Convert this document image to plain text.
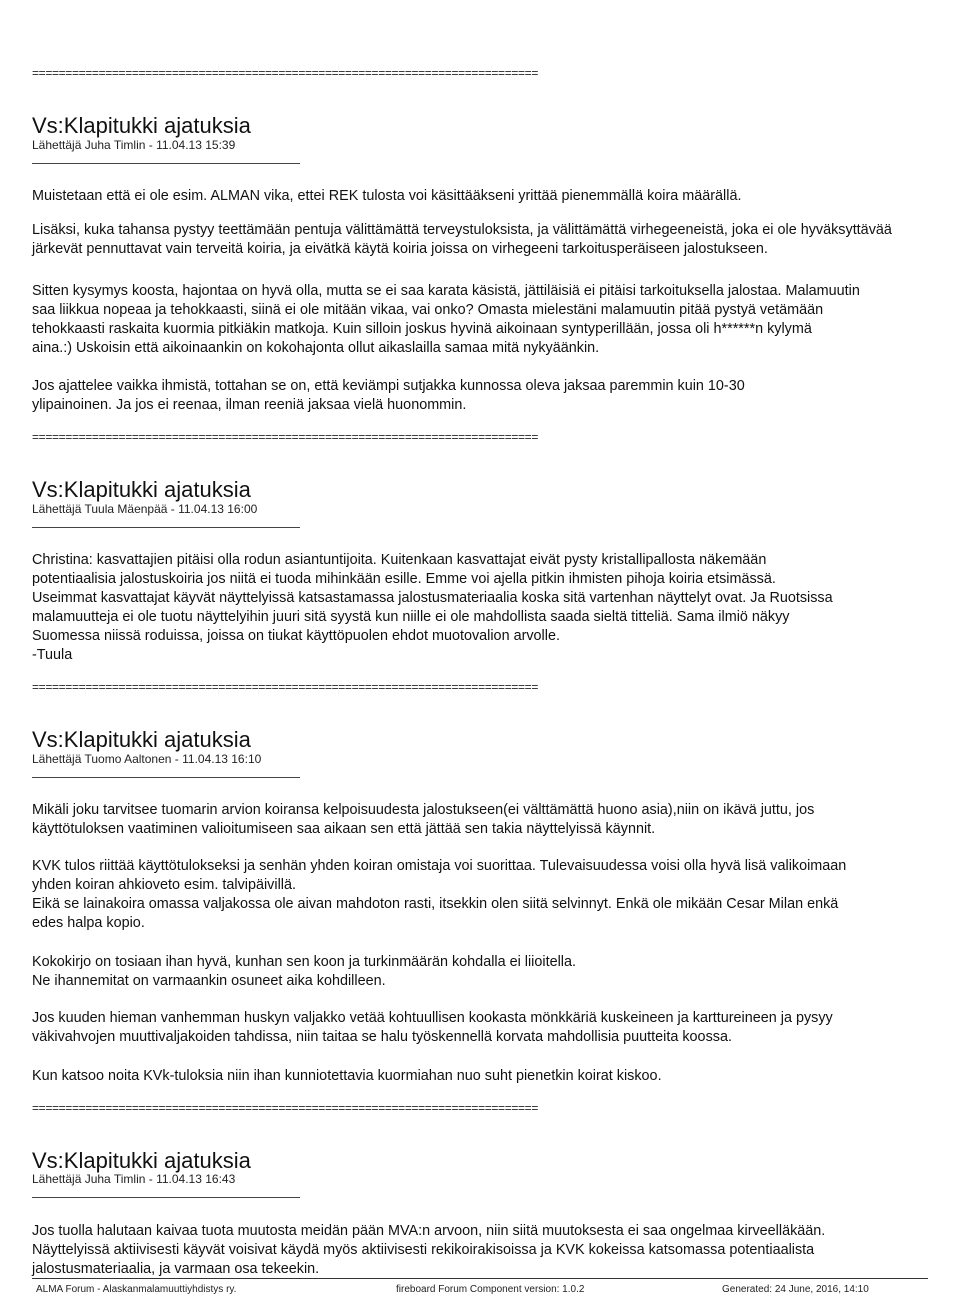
============================================================================
Vs:Klapitukki ajatuksia
Lähettäjä Juha Timlin - 11.04.13 15:39
Muistetaan että ei ole esim. ALMAN vika, ettei REK tulosta voi käsittääkseni yrittää pienemmällä koira määrällä.
Lisäksi, kuka tahansa pystyy teettämään pentuja välittämättä terveystuloksista, ja välittämättä virhegeeneistä, joka ei ole hyväksyttävää
järkevät pennuttavat vain terveitä koiria, ja eivätkä käytä koiria joissa on virhegeeni tarkoitusperäiseen jalostukseen.
Sitten kysymys koosta, hajontaa on hyvä olla, mutta se ei saa karata käsistä, jättiläisiä ei pitäisi tarkoituksella jalostaa. Malamuutin
saa liikkua nopeaa ja tehokkaasti, siinä ei ole mitään vikaa, vai onko? Omasta mielestäni malamuutin pitää pystyä vetämään
tehokkaasti raskaita kuormia pitkiäkin matkoja. Kuin silloin joskus hyvinä aikoinaan syntyperillään, jossa oli h******n kylymä
aina.:) Uskoisin että aikoinaankin on kokohajonta ollut aikaslailla samaa mitä nykyäänkin.
Jos ajattelee vaikka ihmistä, tottahan se on, että keviämpi sutjakka kunnossa oleva jaksaa paremmin kuin 10-30
ylipainoinen. Ja jos ei reenaa, ilman reeniä jaksaa vielä huonommin.
============================================================================
Vs:Klapitukki ajatuksia
Lähettäjä Tuula Mäenpää - 11.04.13 16:00
Christina: kasvattajien pitäisi olla rodun asiantuntijoita. Kuitenkaan kasvattajat eivät pysty kristallipallosta näkemään
potentiaalisia jalostuskoiria jos niitä ei tuoda mihinkään esille. Emme voi ajella pitkin ihmisten pihoja koiria etsimässä.
Useimmat kasvattajat käyvät näyttelyissä katsastamassa jalostusmateriaalia koska sitä vartenhan näyttelyt ovat. Ja Ruotsissa
malamuutteja ei ole tuotu näyttelyihin juuri sitä syystä kun niille ei ole mahdollista saada sieltä titteliä. Sama ilmiö näkyy
Suomessa niissä roduissa, joissa on tiukat käyttöpuolen ehdot muotovalion arvolle.
-Tuula
============================================================================
Vs:Klapitukki ajatuksia
Lähettäjä Tuomo Aaltonen - 11.04.13 16:10
Mikäli joku tarvitsee tuomarin arvion koiransa kelpoisuudesta jalostukseen(ei välttämättä huono asia),niin on ikävä juttu, jos
käyttötuloksen vaatiminen valioitumiseen saa aikaan sen että jättää sen takia näyttelyissä käynnit.
KVK tulos riittää käyttötulokseksi ja senhän yhden koiran omistaja voi suorittaa. Tulevaisuudessa voisi olla hyvä lisä valikoimaan
yhden koiran ahkioveto esim. talvipäivillä.
Eikä se lainakoira omassa valjakossa ole aivan mahdoton rasti, itsekkin olen siitä selvinnyt. Enkä ole mikään Cesar Milan enkä
edes halpa kopio.
Kokokirjo on tosiaan ihan hyvä, kunhan sen koon ja turkinmäärän kohdalla ei liioitella.
Ne ihannemitat on varmaankin osuneet aika kohdilleen.
Jos kuuden hieman vanhemman huskyn valjakko vetää kohtuullisen kookasta mönkkäriä kuskeineen ja karttureineen ja pysyy
väkivahvojen muuttivaljakoiden tahdissa, niin taitaa se halu työskennellä korvata mahdollisia puutteita koossa.
Kun katsoo noita KVk-tuloksia niin ihan kunniotettavia kuormiahan nuo suht pienetkin koirat kiskoo.
============================================================================
Vs:Klapitukki ajatuksia
Lähettäjä Juha Timlin - 11.04.13 16:43
Jos tuolla halutaan kaivaa tuota muutosta meidän pään MVA:n arvoon, niin siitä muutoksesta ei saa ongelmaa kirveelläkään.
Näyttelyissä aktiivisesti käyvät voisivat käydä myös aktiivisesti rekikoirakisoissa ja KVK kokeissa katsomassa potentiaalista
jalostusmateriaalia, ja varmaan osa tekeekin.
ALMA Forum - Alaskanmalamuuttiyhdistys ry.	fireboard Forum Component version: 1.0.2	Generated: 24 June, 2016, 14:10
